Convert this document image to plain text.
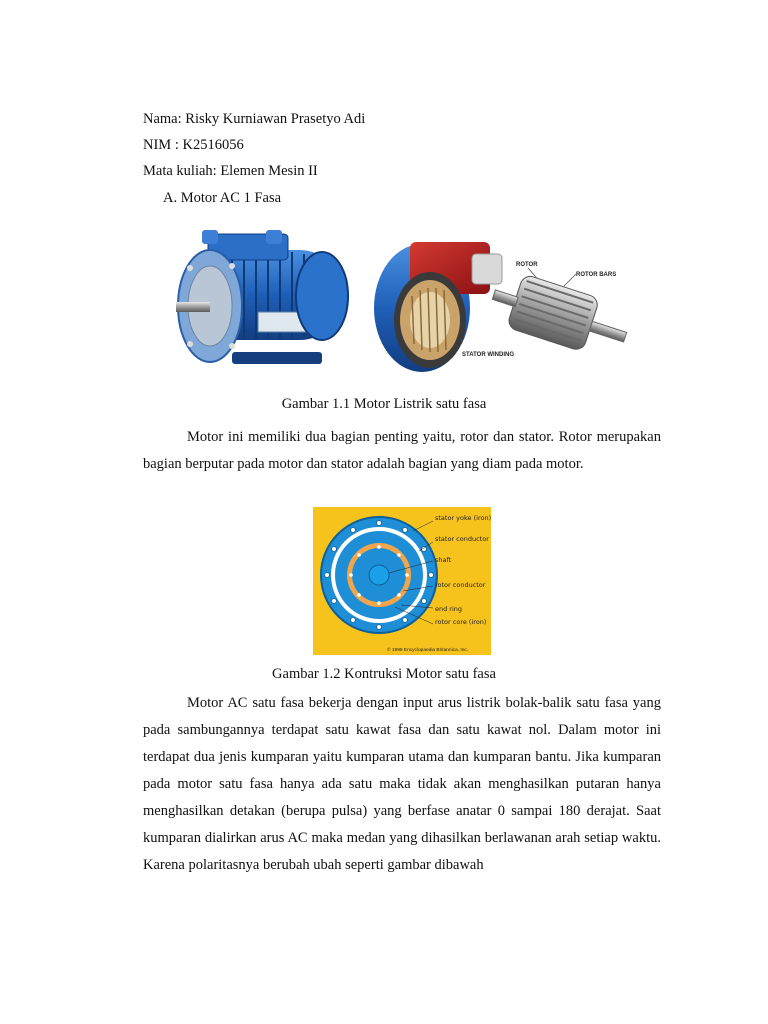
Nama: Risky Kurniawan Prasetyo Adi
NIM : K2516056
Mata kuliah: Elemen Mesin II
A. Motor AC 1 Fasa
STATOR WINDING
ROTOR
ROTOR BARS
Gambar 1.1 Motor Listrik satu fasa
Motor ini memiliki dua bagian penting yaitu, rotor dan stator. Rotor merupakan bagian berputar pada motor dan stator adalah bagian yang diam pada motor.
stator yoke (iron)
stator conductor
shaft
rotor conductor
end ring
rotor core (iron)
© 1999 Encyclopaedia Britannica, Inc.
Gambar 1.2 Kontruksi Motor satu fasa
Motor AC satu fasa bekerja dengan input arus listrik bolak-balik satu fasa yang pada sambungannya terdapat satu kawat fasa dan satu kawat nol. Dalam motor ini terdapat dua jenis kumparan yaitu kumparan utama dan kumparan bantu. Jika kumparan pada motor satu fasa hanya ada satu maka tidak akan menghasilkan putaran hanya menghasilkan detakan (berupa pulsa) yang berfase anatar 0 sampai 180 derajat. Saat kumparan dialirkan arus AC maka medan yang dihasilkan berlawanan arah setiap waktu. Karena polaritasnya berubah ubah seperti gambar dibawah
